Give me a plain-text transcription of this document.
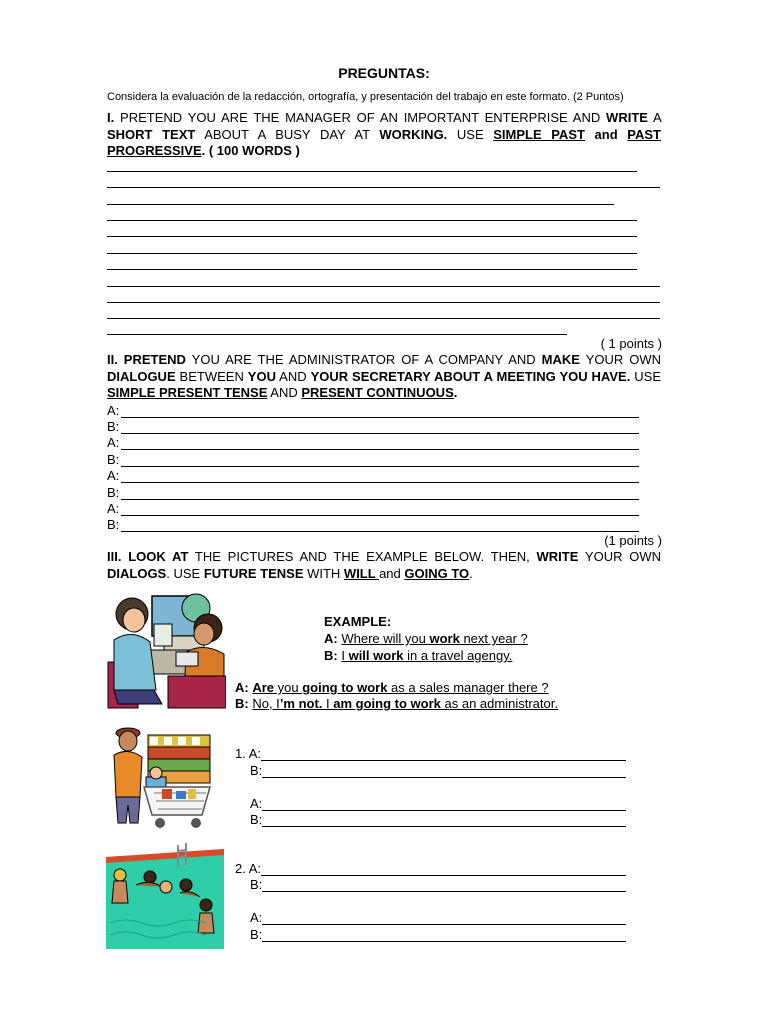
PREGUNTAS:
Considera la evaluación de la redacción, ortografía, y presentación del trabajo en este formato. (2 Puntos)
I. PRETEND YOU ARE THE MANAGER OF AN IMPORTANT ENTERPRISE AND WRITE A SHORT TEXT ABOUT A BUSY DAY AT WORKING. USE SIMPLE PAST and PAST PROGRESSIVE. ( 100 WORDS )
( 1 points )
II. PRETEND YOU ARE THE ADMINISTRATOR OF A COMPANY AND MAKE YOUR OWN DIALOGUE BETWEEN YOU AND YOUR SECRETARY ABOUT A MEETING YOU HAVE. USE SIMPLE PRESENT TENSE AND PRESENT CONTINUOUS.
A:
B:
A:
B:
A:
B:
A:
B:
(1 points )
III. LOOK AT THE PICTURES AND THE EXAMPLE BELOW. THEN, WRITE YOUR OWN DIALOGS. USE FUTURE TENSE WITH WILL and GOING TO.
EXAMPLE:
A: Where will you work next year ?
B: I will work in a travel agengy.
A: Are you going to work as a sales manager there ?
B: No, I’m not. I am going to work as an administrator.
1. A:
B:
A:
B:
2. A:
B:
A:
B:
